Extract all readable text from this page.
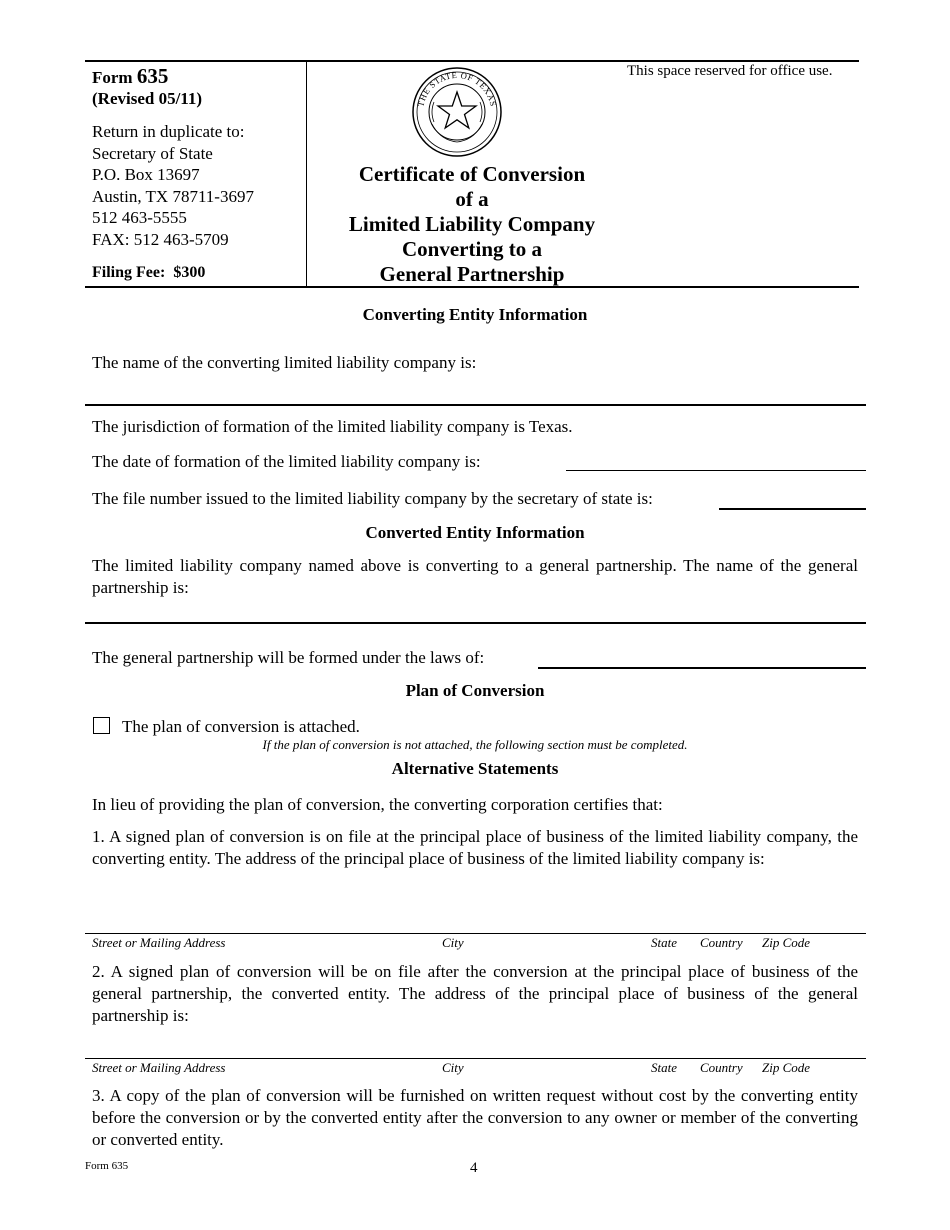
Form 635
(Revised 05/11)
Return in duplicate to:
Secretary of State
P.O. Box 13697
Austin, TX 78711-3697
512 463-5555
FAX: 512 463-5709
Filing Fee:  $300
This space reserved for office use.
THE STATE OF TEXAS
Certificate of Conversion
of a
Limited Liability Company
Converting to a
General Partnership
Converting Entity Information
The name of the converting limited liability company is:
The jurisdiction of formation of the limited liability company is Texas.
The date of formation of the limited liability company is:
The file number issued to the limited liability company by the secretary of state is:
Converted Entity Information
The limited liability company named above is converting to a general partnership. The name of the general partnership is:
The general partnership will be formed under the laws of:
Plan of Conversion
The plan of conversion is attached.
If the plan of conversion is not attached, the following section must be completed.
Alternative Statements
In lieu of providing the plan of conversion, the converting corporation certifies that:
1. A signed plan of conversion is on file at the principal place of business of the limited liability company, the converting entity. The address of the principal place of business of the limited liability company is:
Street or Mailing Address	City	State Country Zip Code
2. A signed plan of conversion will be on file after the conversion at the principal place of business of the general partnership, the converted entity. The address of the principal place of business of the general partnership is:
Street or Mailing Address	City	State Country Zip Code
3. A copy of the plan of conversion will be furnished on written request without cost by the converting entity before the conversion or by the converted entity after the conversion to any owner or member of the converting or converted entity.
Form 635	4
